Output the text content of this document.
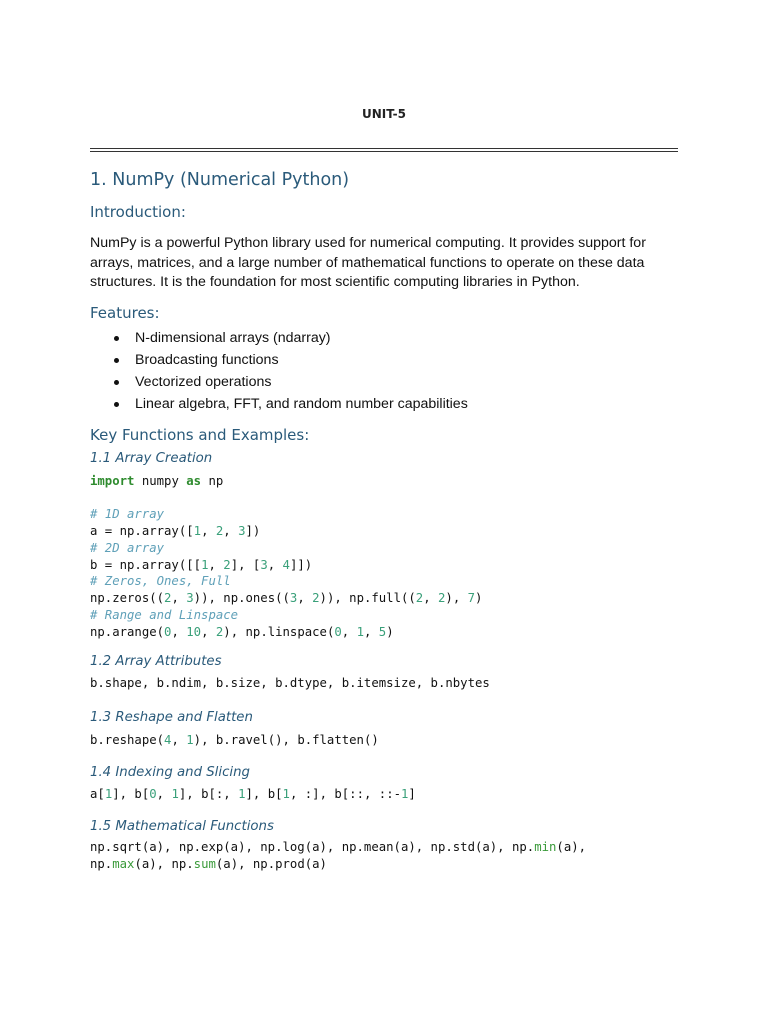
UNIT-5
1. NumPy (Numerical Python)
Introduction:
NumPy is a powerful Python library used for numerical computing. It provides support for
arrays, matrices, and a large number of mathematical functions to operate on these data
structures. It is the foundation for most scientific computing libraries in Python.
Features:
N-dimensional arrays (ndarray)
Broadcasting functions
Vectorized operations
Linear algebra, FFT, and random number capabilities
Key Functions and Examples:
1.1 Array Creation
import numpy as np

# 1D array
a = np.array([1, 2, 3])
# 2D array
b = np.array([[1, 2], [3, 4]])
# Zeros, Ones, Full
np.zeros((2, 3)), np.ones((3, 2)), np.full((2, 2), 7)
# Range and Linspace
np.arange(0, 10, 2), np.linspace(0, 1, 5)
1.2 Array Attributes
b.shape, b.ndim, b.size, b.dtype, b.itemsize, b.nbytes
1.3 Reshape and Flatten
b.reshape(4, 1), b.ravel(), b.flatten()
1.4 Indexing and Slicing
a[1], b[0, 1], b[:, 1], b[1, :], b[::, ::-1]
1.5 Mathematical Functions
np.sqrt(a), np.exp(a), np.log(a), np.mean(a), np.std(a), np.min(a),
np.max(a), np.sum(a), np.prod(a)
